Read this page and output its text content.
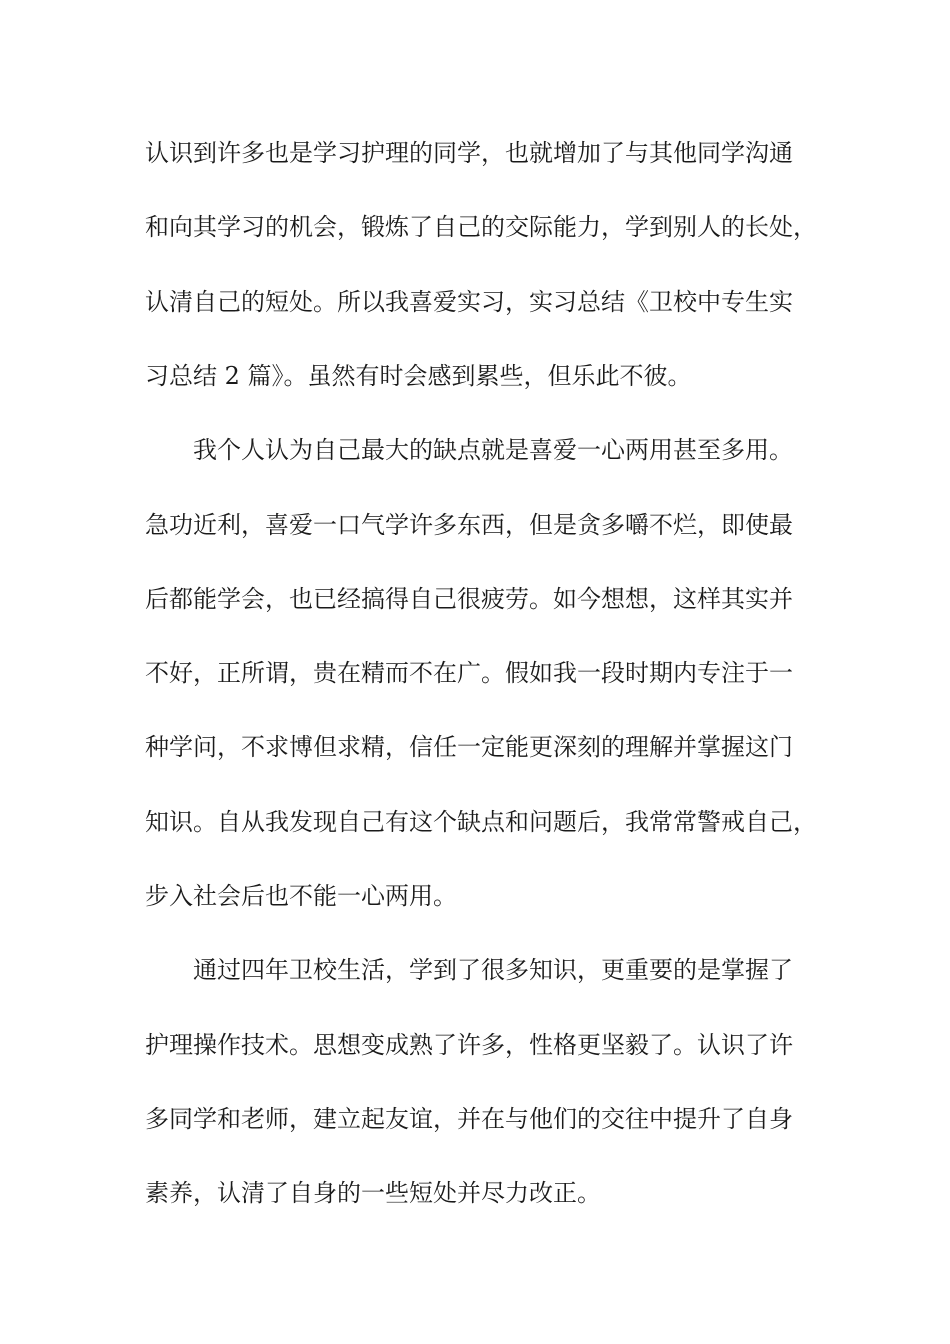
认识到许多也是学习护理的同学，也就增加了与其他同学沟通
和向其学习的机会，锻炼了自己的交际能力，学到别人的长处，
认清自己的短处。所以我喜爱实习，实习总结《卫校中专生实
习总结 2 篇》。虽然有时会感到累些，但乐此不彼。
我个人认为自己最大的缺点就是喜爱一心两用甚至多用。
急功近利，喜爱一口气学许多东西，但是贪多嚼不烂，即使最
后都能学会，也已经搞得自己很疲劳。如今想想，这样其实并
不好，正所谓，贵在精而不在广。假如我一段时期内专注于一
种学问，不求博但求精，信任一定能更深刻的理解并掌握这门
知识。自从我发现自己有这个缺点和问题后，我常常警戒自己，
步入社会后也不能一心两用。
通过四年卫校生活，学到了很多知识，更重要的是掌握了
护理操作技术。思想变成熟了许多，性格更坚毅了。认识了许
多同学和老师，建立起友谊，并在与他们的交往中提升了自身
素养，认清了自身的一些短处并尽力改正。
